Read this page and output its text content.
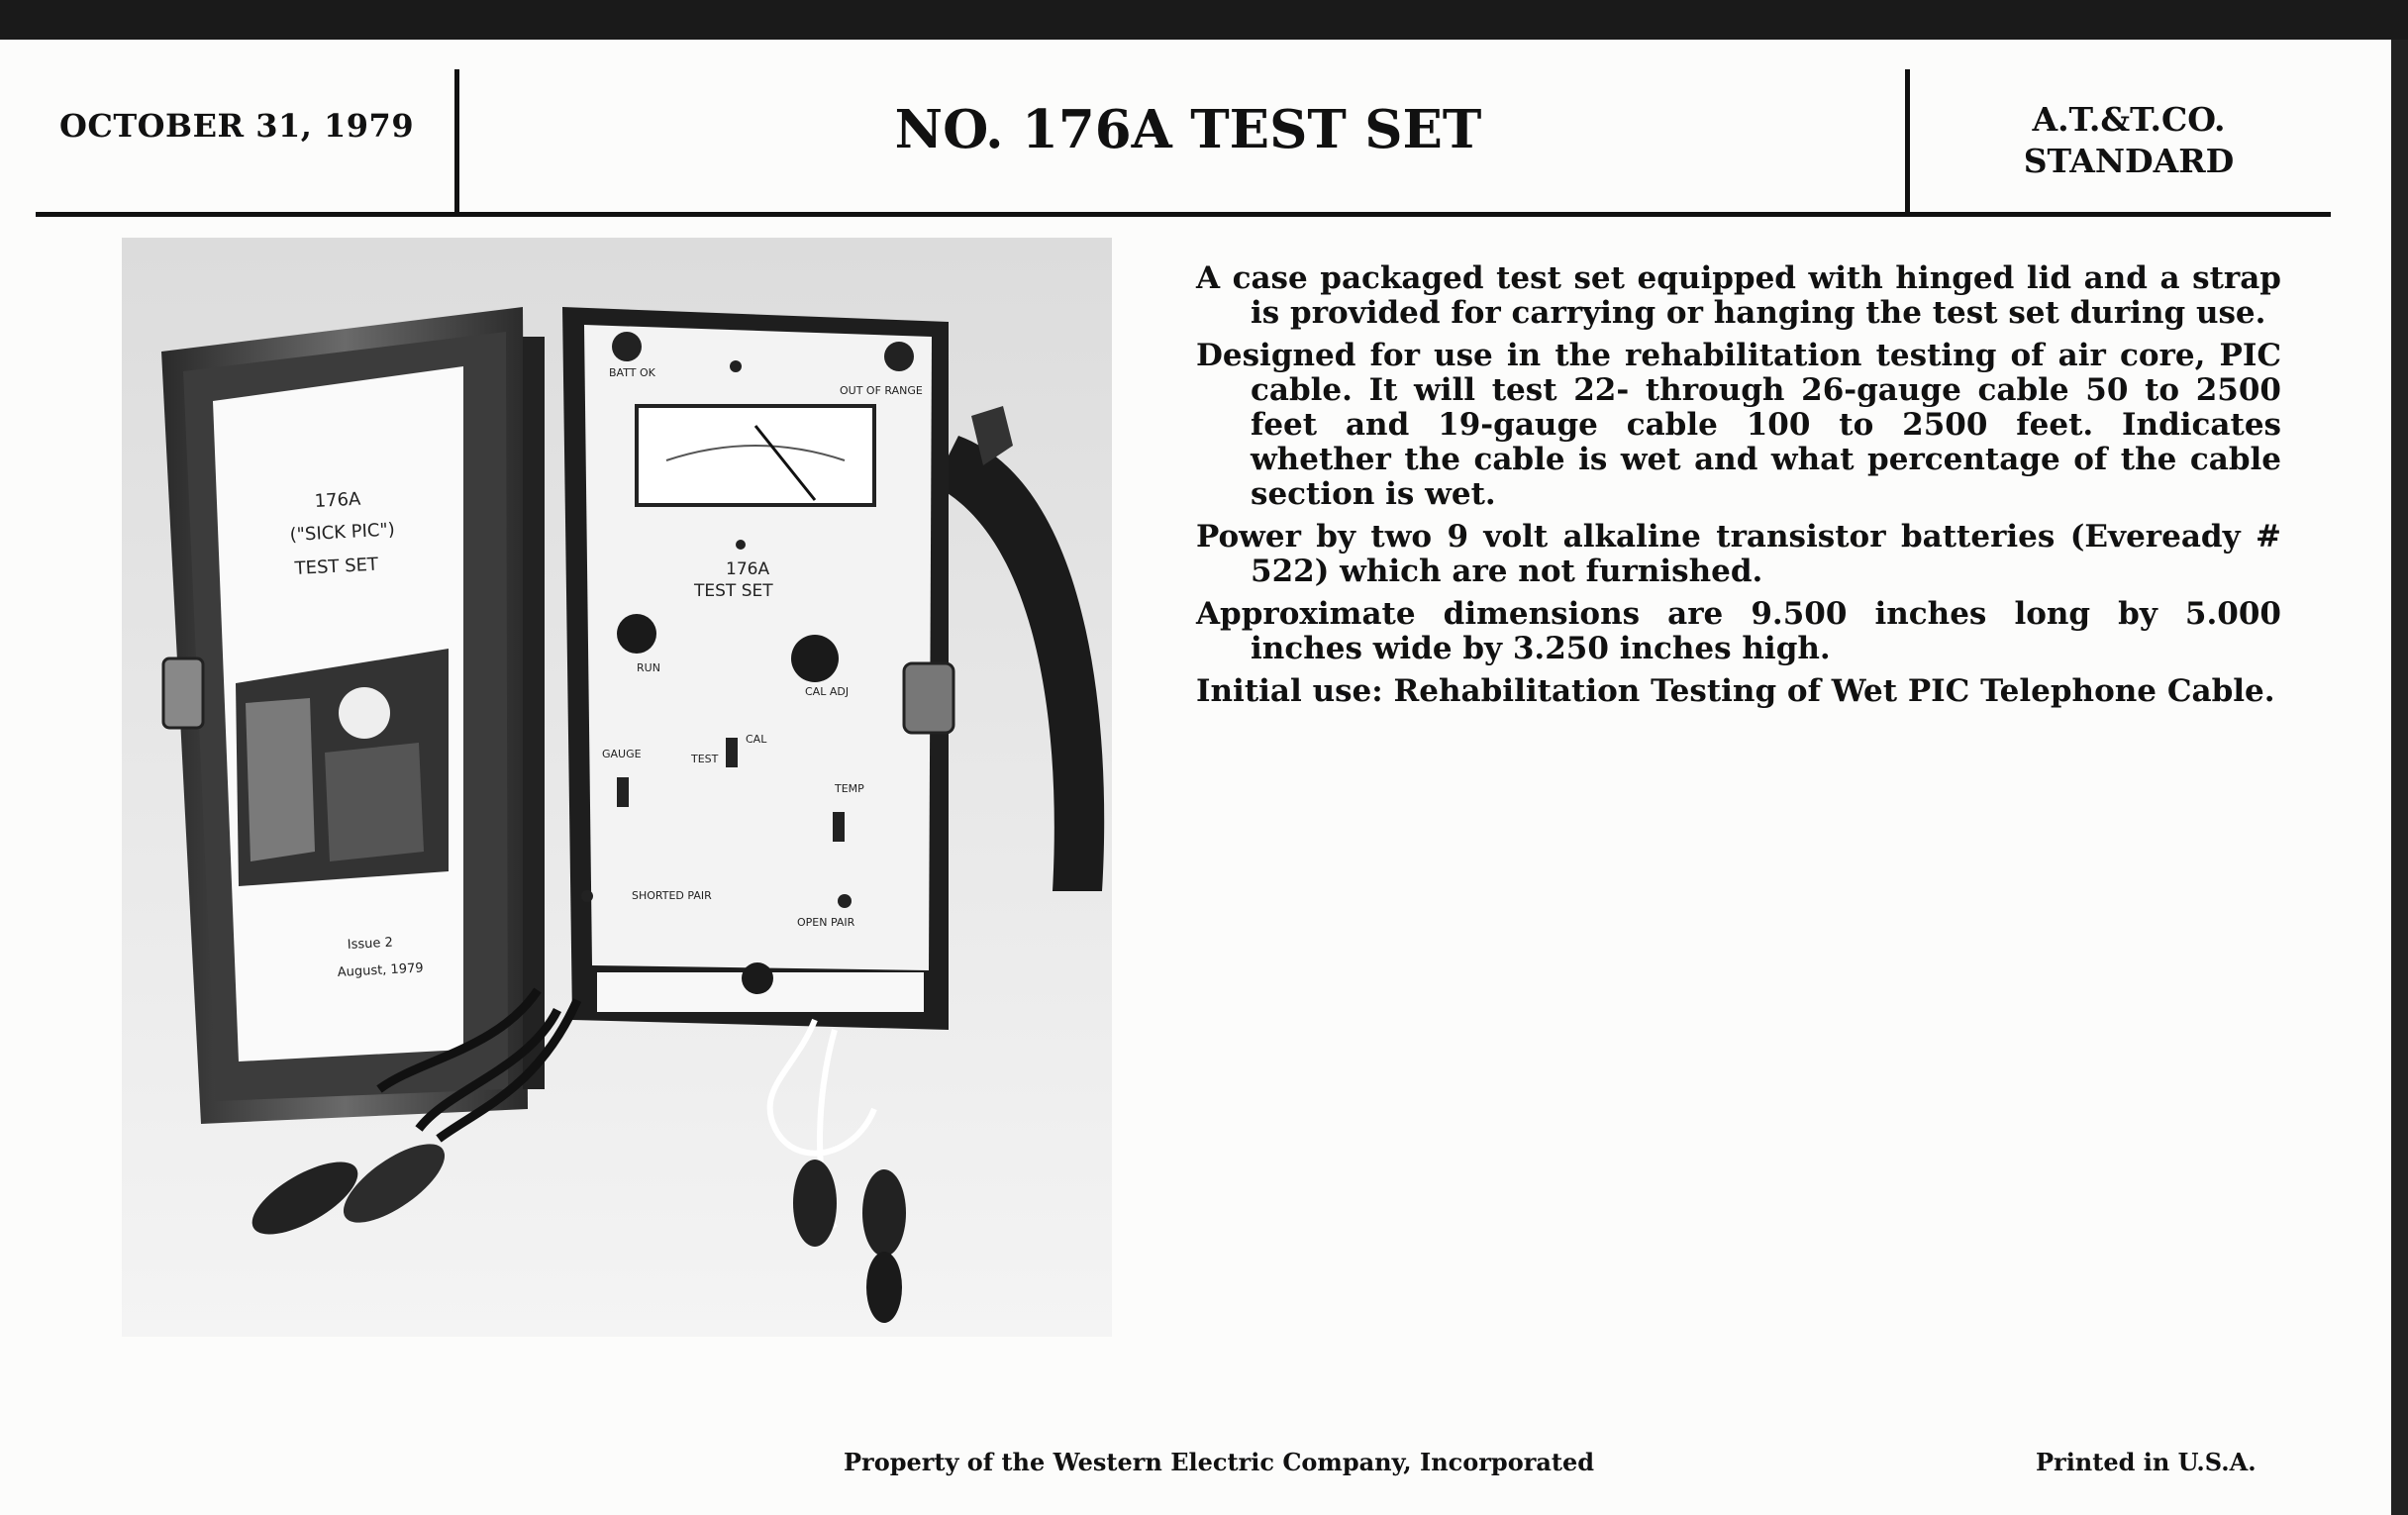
OCTOBER 31, 1979	NO. 176A TEST SET	A.T.&T.CO.
STANDARD
176A
("SICK PIC")
TEST SET
Issue 2
August, 1979
BATT OK
OUT OF RANGE
176A
TEST SET
RUN
CAL ADJ
GAUGE	TEST
CAL
TEMP
SHORTED PAIR
OPEN PAIR

A case packaged test set equipped with hinged lid and a strap is provided for carrying or hanging the test set during use.

Designed for use in the rehabilitation testing of air core, PIC cable. It will test 22- through 26-gauge cable 50 to 2500 feet and 19-gauge cable 100 to 2500 feet. Indicates whether the cable is wet and what percentage of the cable section is wet.

Power by two 9 volt alkaline transistor batteries (Eveready # 522) which are not furnished.

Approximate dimensions are 9.500 inches long by 5.000 inches wide by 3.250 inches high.

Initial use: Rehabilitation Testing of Wet PIC Telephone Cable.

Property of the Western Electric Company, Incorporated	Printed in U.S.A.
